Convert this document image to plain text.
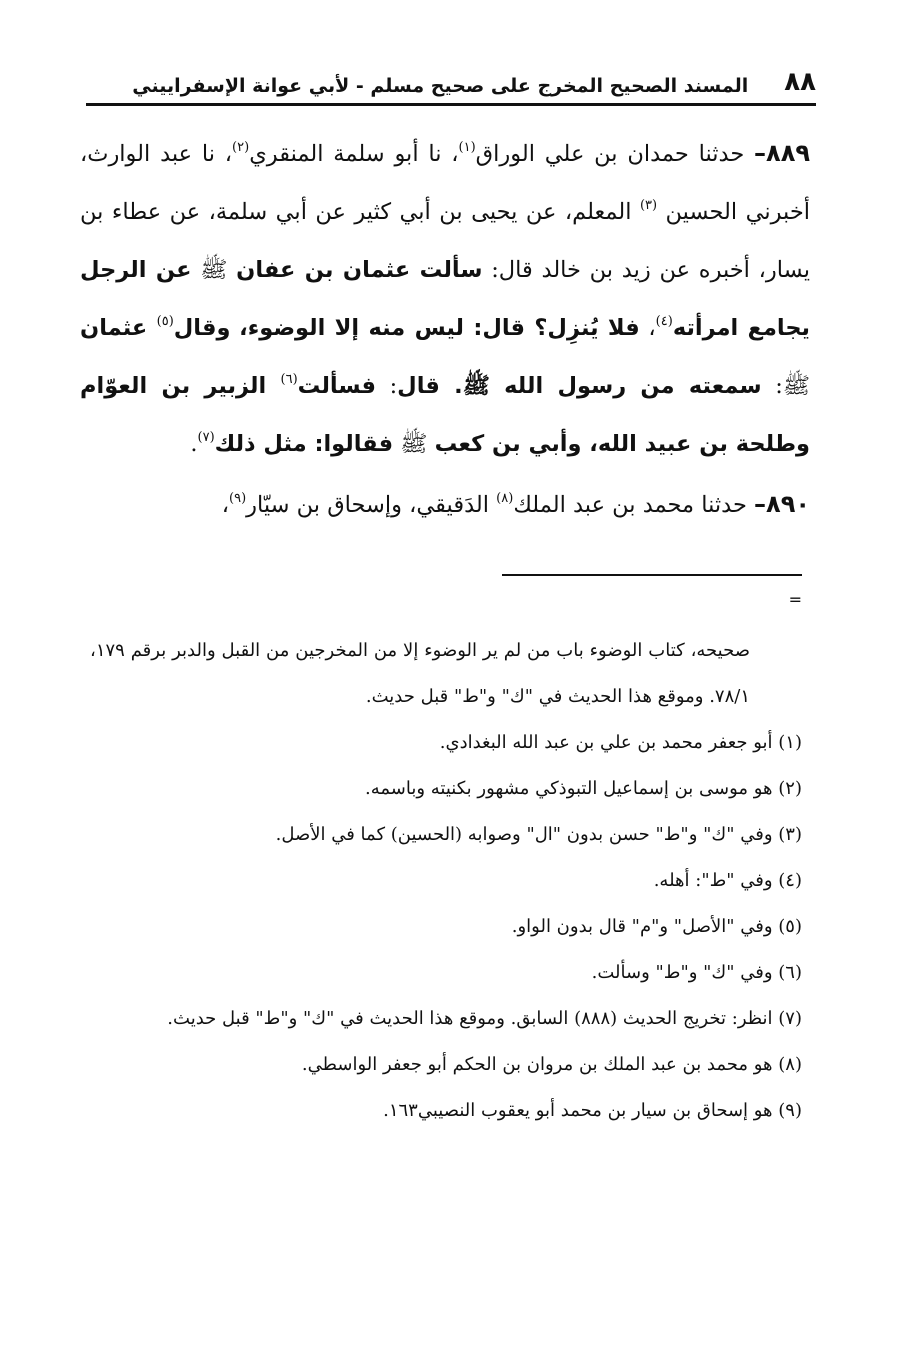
٨٨
المسند الصحيح المخرج على صحيح مسلم - لأبي عوانة الإسفراييني

٨٨٩– حدثنا حمدان بن علي الوراق$^{(١)}$، نا أبو سلمة المنقري$^{(٢)}$، نا عبد الوارث، أخبرني الحسين $^{(٣)}$ المعلم، عن يحيى بن أبي كثير عن أبي سلمة، عن عطاء بن يسار، أخبره عن زيد بن خالد قال: سألت عثمان بن عفان ﷺ عن الرجل يجامع امرأته$^{(٤)}$، فلا يُنزِل؟ قال: ليس منه إلا الوضوء، وقال$^{(٥)}$ عثمان ﷺ: سمعته من رسول الله ﷺ. قال: فسألت$^{(٦)}$ الزبير بن العوّام وطلحة بن عبيد الله، وأبي بن كعب ﷺ فقالوا: مثل ذلك$^{(٧)}$.

٨٩٠– حدثنا محمد بن عبد الملك$^{(٨)}$ الدَقيقي، وإسحاق بن سيّار$^{(٩)}$،

=

صحيحه، كتاب الوضوء باب من لم ير الوضوء إلا من المخرجين من القبل والدبر برقم ١٧٩، ٧٨/١. وموقع هذا الحديث في "ك" و"ط" قبل حديث.

(١) أبو جعفر محمد بن علي بن عبد الله البغدادي.

(٢) هو موسى بن إسماعيل التبوذكي مشهور بكنيته وباسمه.

(٣) وفي "ك" و"ط" حسن بدون "ال" وصوابه (الحسين) كما في الأصل.

(٤) وفي "ط": أهله.

(٥) وفي "الأصل" و"م" قال بدون الواو.

(٦) وفي "ك" و"ط" وسألت.

(٧) انظر: تخريج الحديث (٨٨٨) السابق. وموقع هذا الحديث في "ك" و"ط" قبل حديث.

(٨) هو محمد بن عبد الملك بن مروان بن الحكم أبو جعفر الواسطي.

(٩) هو إسحاق بن سيار بن محمد أبو يعقوب النصيبي١٦٣.
